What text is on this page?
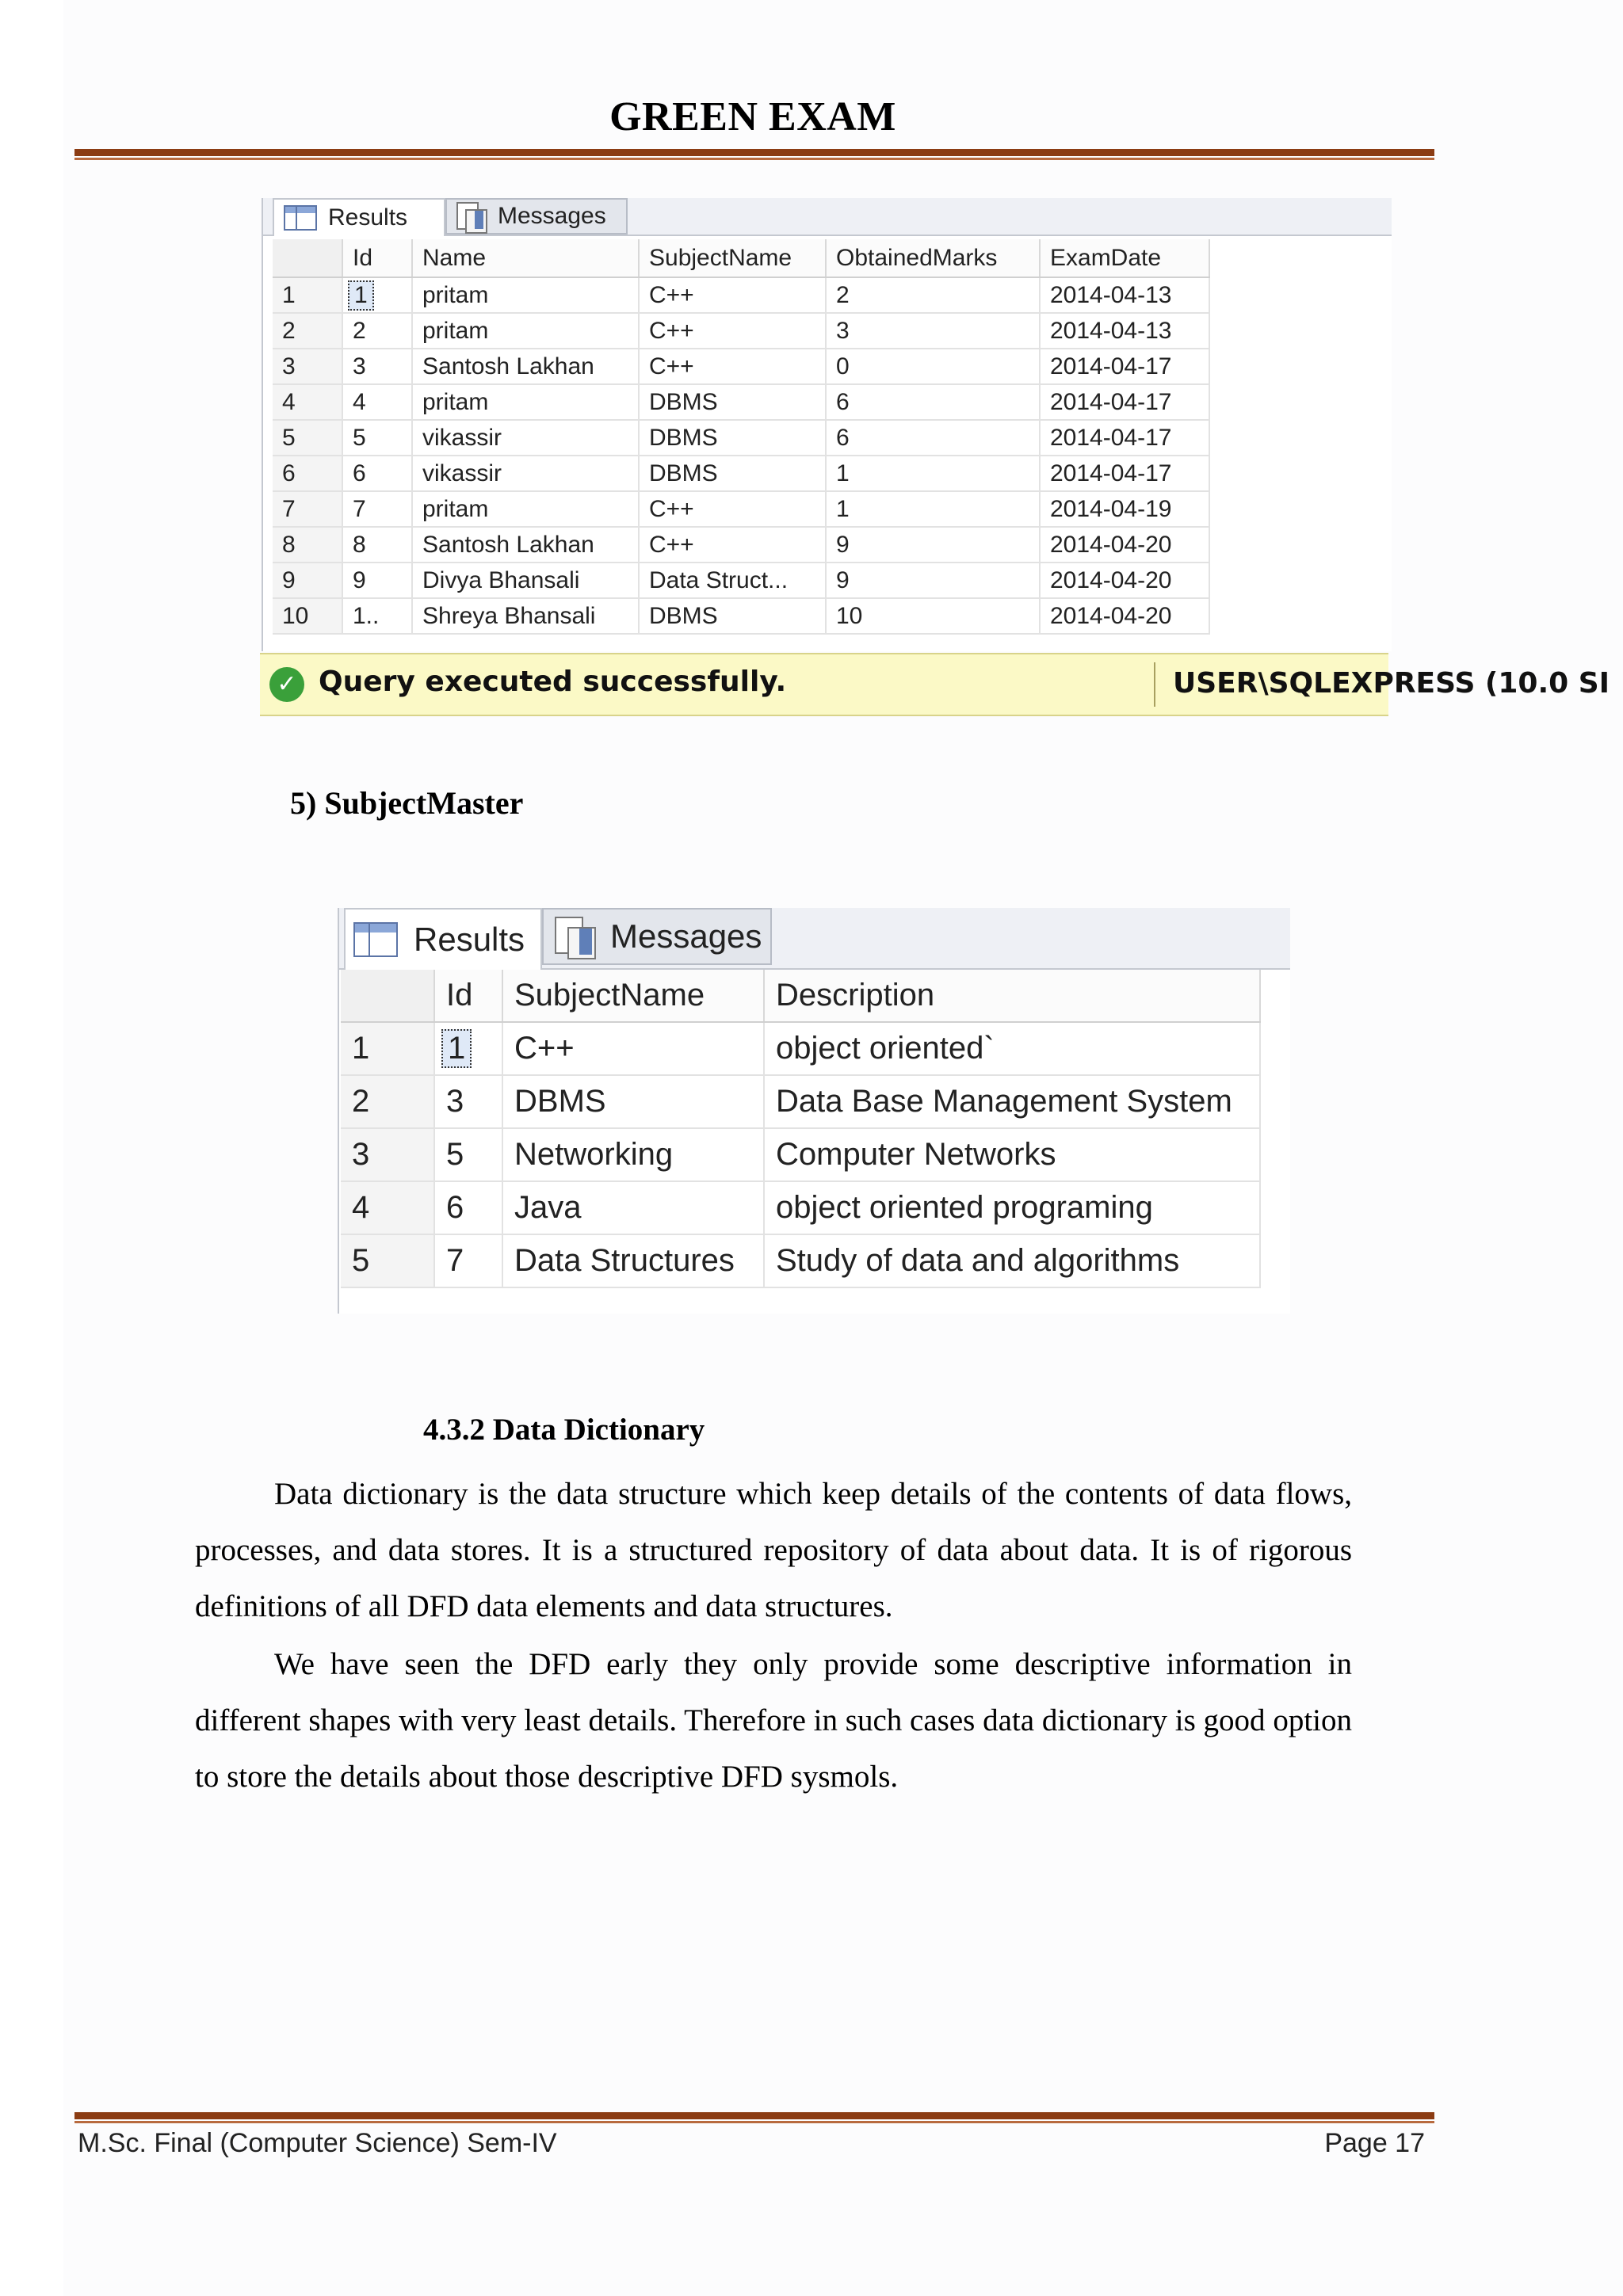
GREEN EXAM
Results	Messages
	Id	Name	SubjectName	ObtainedMarks	ExamDate
1	1	pritam	C++	2	2014-04-13
2	2	pritam	C++	3	2014-04-13
3	3	Santosh Lakhan	C++	0	2014-04-17
4	4	pritam	DBMS	6	2014-04-17
5	5	vikassir	DBMS	6	2014-04-17
6	6	vikassir	DBMS	1	2014-04-17
7	7	pritam	C++	1	2014-04-19
8	8	Santosh Lakhan	C++	9	2014-04-20
9	9	Divya Bhansali	Data Struct...	9	2014-04-20
10	1..	Shreya Bhansali	DBMS	10	2014-04-20
✓ Query executed successfully.	USER\SQLEXPRESS (10.0 SI
5) SubjectMaster
Results	Messages
	Id	SubjectName	Description
1	1	C++	object oriented`
2	3	DBMS	Data Base Management System
3	5	Networking	Computer Networks
4	6	Java	object oriented programing
5	7	Data Structures	Study of data and algorithms
4.3.2 Data Dictionary
Data dictionary is the data structure which keep details of the contents of data flows, processes, and data stores. It is a structured repository of data about data. It is of rigorous definitions of all DFD data elements and data structures.
We have seen the DFD early they only provide some descriptive information in different shapes with very least details. Therefore in such cases data dictionary is good option to store the details about those descriptive DFD sysmols.
M.Sc. Final (Computer Science) Sem-IV	Page 17
